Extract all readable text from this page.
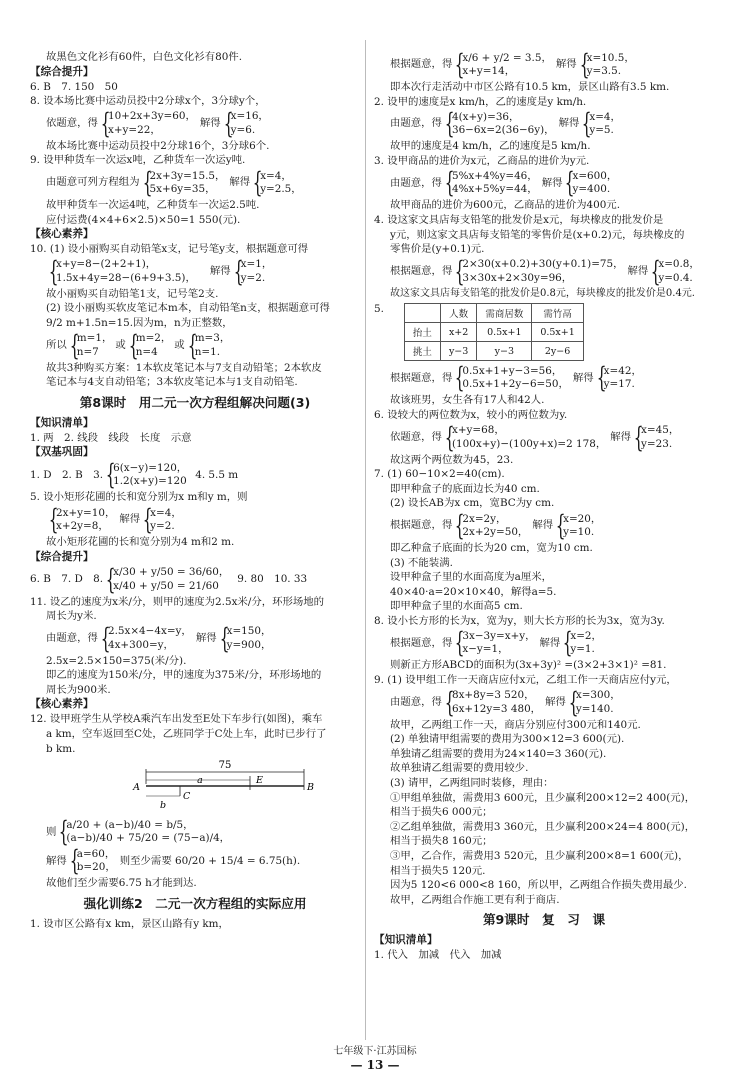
故黑色文化衫有60件，白色文化衫有80件.
【综合提升】
6. B　7. 150　50
8. 设本场比赛中运动员投中2分球x个，3分球y个，
依题意，得 {
10+2x+3y=60，
x+y=22，
解得 {
x=16，
y=6.
故本场比赛中运动员投中2分球16个，3分球6个.
9. 设甲种货车一次运x吨，乙种货车一次运y吨.
由题意可列方程组为 {
2x+3y=15.5，
5x+6y=35，
解得 {
x=4，
y=2.5，
故甲种货车一次运4吨，乙种货车一次运2.5吨.
应付运费(4×4+6×2.5)×50=1 550(元).
【核心素养】
10. (1) 设小丽购买自动铅笔x支，记号笔y支，根据题意可得
{
x+y=8−(2+2+1)，
1.5x+4y=28−(6+9+3.5)，
解得 {
x=1，
y=2.
故小丽购买自动铅笔1支，记号笔2支.
(2) 设小丽购买软皮笔记本m本，自动铅笔n支，根据题意可得
9/2 m+1.5n=15.因为m，n为正整数，
所以 {
m=1，
n=7
或 {
m=2，
n=4
或 {
m=3，
n=1.
故共3种购买方案：1本软皮笔记本与7支自动铅笔；2本软皮
笔记本与4支自动铅笔；3本软皮笔记本与1支自动铅笔.
第8课时　用二元一次方程组解决问题(3)
【知识清单】
1. 两　2. 线段　线段　长度　示意
【双基巩固】
1. D　2. B　3. {
6(x−y)=120，
1.2(x+y)=120
4. 5.5 m
5. 设小矩形花圃的长和宽分别为x m和y m，则
{
2x+y=10，
x+2y=8，
解得 {
x=4，
y=2.
故小矩形花圃的长和宽分别为4 m和2 m.
【综合提升】
6. B　7. D　8. {
x/30 + y/50 = 36/60，
x/40 + y/50 = 21/60
9. 80　10. 33
11. 设乙的速度为x米/分，则甲的速度为2.5x米/分，环形场地的
周长为y米.
由题意，得 {
2.5x×4−4x=y，
4x+300=y，
解得 {
x=150，
y=900，
2.5x=2.5×150=375(米/分).
即乙的速度为150米/分，甲的速度为375米/分，环形场地的
周长为900米.
【核心素养】
12. 设甲班学生从学校A乘汽车出发至E处下车步行(如图)，乘车
a km，空车返回至C处，乙班同学于C处上车，此时已步行了
b km.
75
a	E
C
b
A	B
则 {
a/20 + (a−b)/40 = b/5，
(a−b)/40 + 75/20 = (75−a)/4，
解得 {
a=60，
b=20，
则至少需要 60/20 + 15/4 = 6.75(h).
故他们至少需要6.75 h才能到达.
强化训练2　二元一次方程组的实际应用
1. 设市区公路有x km，景区山路有y km，
根据题意，得 {
x/6 + y/2 = 3.5，
x+y=14，
解得 {
x=10.5，
y=3.5.
即本次行走活动中市区公路有10.5 km，景区山路有3.5 km.
2. 设甲的速度是x km/h，乙的速度是y km/h.
由题意，得 {
4(x+y)=36，
36−6x=2(36−6y)，
解得 {
x=4，
y=5.
故甲的速度是4 km/h，乙的速度是5 km/h.
3. 设甲商品的进价为x元，乙商品的进价为y元.
由题意，得 {
5%x+4%y=46，
4%x+5%y=44，
解得 {
x=600，
y=400.
故甲商品的进价为600元，乙商品的进价为400元.
4. 设这家文具店每支铅笔的批发价是x元，每块橡皮的批发价是
y元，则这家文具店每支铅笔的零售价是(x+0.2)元，每块橡皮的
零售价是(y+0.1)元.
根据题意，得 {
2×30(x+0.2)+30(y+0.1)=75，
3×30x+2×30y=96，
解得 {
x=0.8，
y=0.4.
故这家文具店每支铅笔的批发价是0.8元，每块橡皮的批发价是0.4元.
5.
		人数	需商居数	需竹鬲
抬土	x+2	0.5x+1	0.5x+1
挑土	y−3	y−3	2y−6
根据题意，得 {
0.5x+1+y−3=56，
0.5x+1+2y−6=50，
解得 {
x=42，
y=17.
故该班男，女生各有17人和42人.
6. 设较大的两位数为x，较小的两位数为y.
依题意，得 {
x+y=68，
(100x+y)−(100y+x)=2 178，
解得 {
x=45，
y=23.
故这两个两位数为45，23.
7. (1) 60−10×2=40(cm).
即甲种盒子的底面边长为40 cm.
(2) 设长AB为x cm，宽BC为y cm.
根据题意，得 {
2x=2y，
2x+2y=50，
解得 {
x=20，
y=10.
即乙种盒子底面的长为20 cm，宽为10 cm.
(3) 不能装满.
设甲种盒子里的水面高度为a厘米，
40×40·a=20×10×40，解得a=5.
即甲种盒子里的水面高5 cm.
8. 设小长方形的长为x，宽为y，则大长方形的长为3x，宽为3y.
根据题意，得 {
3x−3y=x+y，
x−y=1，
解得 {
x=2，
y=1.
则新正方形ABCD的面积为(3x+3y)² =(3×2+3×1)² =81.
9. (1) 设甲组工作一天商店应付x元，乙组工作一天商店应付y元，
由题意，得 {
8x+8y=3 520，
6x+12y=3 480，
解得 {
x=300，
y=140.
故甲，乙两组工作一天，商店分别应付300元和140元.
(2) 单独请甲组需要的费用为300×12=3 600(元).
单独请乙组需要的费用为24×140=3 360(元).
故单独请乙组需要的费用较少.
(3) 请甲，乙两组同时装修，理由：
①甲组单独做，需费用3 600元，且少赢利200×12=2 400(元)，
相当于损失6 000元；
②乙组单独做，需费用3 360元，且少赢利200×24=4 800(元)，
相当于损失8 160元；
③甲，乙合作，需费用3 520元，且少赢利200×8=1 600(元)，
相当于损失5 120元.
因为5 120<6 000<8 160，所以甲，乙两组合作损失费用最少.
故甲，乙两组合作施工更有利于商店.
第9课时　复　习　课
【知识清单】
1. 代入　加减　代入　加减
七年级下·江苏国标
— 13 —
